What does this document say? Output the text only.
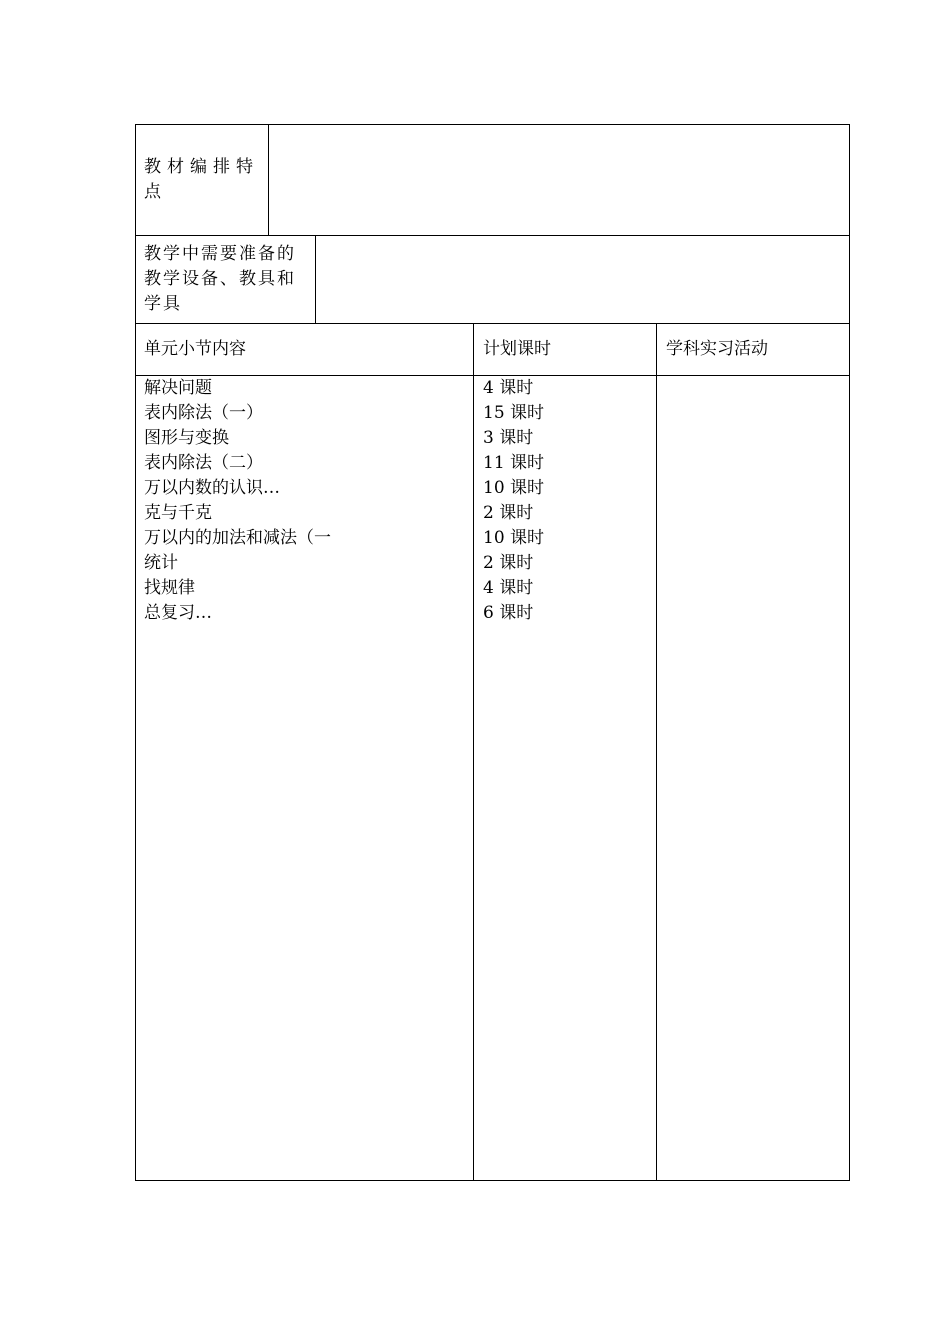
教材编排特点
教学中需要准备的教学设备、教具和学具
单元小节内容	计划课时	学科实习活动
解决问题
表内除法（一）
图形与变换
表内除法（二）
万以内数的认识…
克与千克
万以内的加法和减法（一
统计
找规律
总复习…
4 课时
15 课时
3 课时
11 课时
10 课时
2 课时
10 课时
2 课时
4 课时
6 课时
